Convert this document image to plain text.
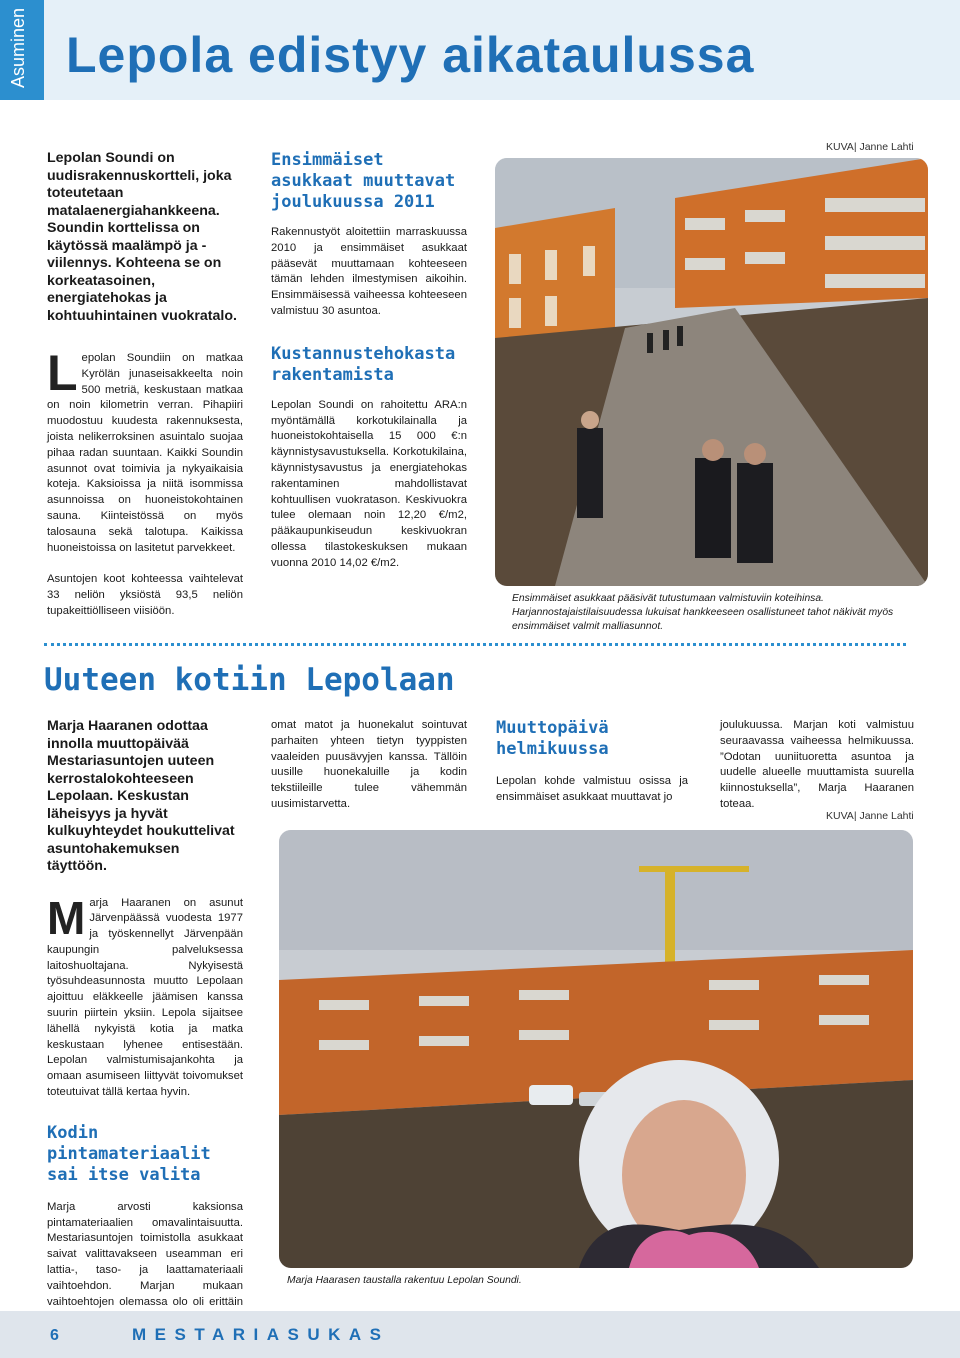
Asuminen Lepola edistyy aikataulussa

Lepolan Soundi on uudisrakennuskortteli, joka toteutetaan matalaenergiahankkeena. Soundin korttelissa on käytössä maalämpö ja -viilennys. Kohteena se on korkeatasoinen, energiatehokas ja kohtuuhintainen vuokratalo.

Lepolan Soundiin on matkaa Kyrölän junaseisakkeelta noin 500 metriä, keskustaan matkaa on noin kilometrin verran. Pihapiiri muodostuu kuudesta rakennuksesta, joista nelikerroksinen asuintalo suojaa pihaa radan suuntaan. Kaikki Soundin asunnot ovat toimivia ja nykyaikaisia koteja. Kaksioissa ja niitä isommissa asunnoissa on huoneistokohtainen sauna. Kiinteistössä on myös talosauna sekä talotupa. Kaikissa huoneistoissa on lasitetut parvekkeet.

Asuntojen koot kohteessa vaihtelevat 33 neliön yksiöstä 93,5 neliön tupakeittiölliseen viisiöön.

Ensimmäiset asukkaat muuttavat joulukuussa 2011

Rakennustyöt aloitettiin marraskuussa 2010 ja ensimmäiset asukkaat pääsevät muuttamaan kohteeseen tämän lehden ilmestymisen aikoihin. Ensimmäisessä vaiheessa kohteeseen valmistuu 30 asuntoa.

Kustannustehokasta rakentamista

Lepolan Soundi on rahoitettu ARA:n myöntämällä korkotukilainalla ja huoneistokohtaisella 15 000 €:n käynnistysavustuksella. Korkotukilaina, käynnistysavustus ja energiatehokas rakentaminen mahdollistavat kohtuullisen vuokratason. Keskivuokra tulee olemaan noin 12,20 €/m2, pääkaupunkiseudun keskivuokran ollessa tilastokeskuksen mukaan vuonna 2010 14,02 €/m2.

KUVA| Janne Lahti

Ensimmäiset asukkaat pääsivät tutustumaan valmistuviin koteihinsa. Harjannostajaistilaisuudessa lukuisat hankkeeseen osallistuneet tahot näkivät myös ensimmäiset valmit malliasunnot.

Uuteen kotiin Lepolaan

Marja Haaranen odottaa innolla muuttopäivää Mestariasuntojen uuteen kerrostalokohteeseen Lepolaan. Keskustan läheisyys ja hyvät kulkuyhteydet houkuttelivat asuntohakemuksen täyttöön.

Marja Haaranen on asunut Järvenpäässä vuodesta 1977 ja työskennellyt Järvenpään kaupungin palveluksessa laitoshuoltajana. Nykyisestä työsuhdeasunnosta muutto Lepolaan ajoittuu eläkkeelle jäämisen kanssa suurin piirtein yksiin. Lepola sijaitsee lähellä nykyistä kotia ja matka keskustaan lyhenee entisestään. Lepolan valmistumisajankohta ja omaan asumiseen liittyvät toivomukset toteutuivat tällä kertaa hyvin.

Kodin pintamateriaalit sai itse valita

Marja arvosti kaksionsa pintamateriaalien omavalintaisuutta. Mestariasuntojen toimistolla asukkaat saivat valittavakseen useamman eri lattia-, taso- ja laattamateriaali vaihtoehdon. Marjan mukaan vaihtoehtojen olemassa olo oli erittäin

omat matot ja huonekalut sointuvat parhaiten yhteen tietyn tyyppisten vaaleiden puusävyjen kanssa. Tällöin uusille huonekaluille ja kodin tekstiileille tulee vähemmän uusimistarvetta.

Muuttopäivä helmikuussa

Lepolan kohde valmistuu osissa ja ensimmäiset asukkaat muuttavat jo

joulukuussa. Marjan koti valmistuu seuraavassa vaiheessa helmikuussa. ”Odotan uuniituoretta asuntoa ja uudelle alueelle muuttamista suurella kiinnostuksella”, Marja Haaranen toteaa.

KUVA| Janne Lahti

Marja Haarasen taustalla rakentuu Lepolan Soundi.

6	MESTARIASUKAS
